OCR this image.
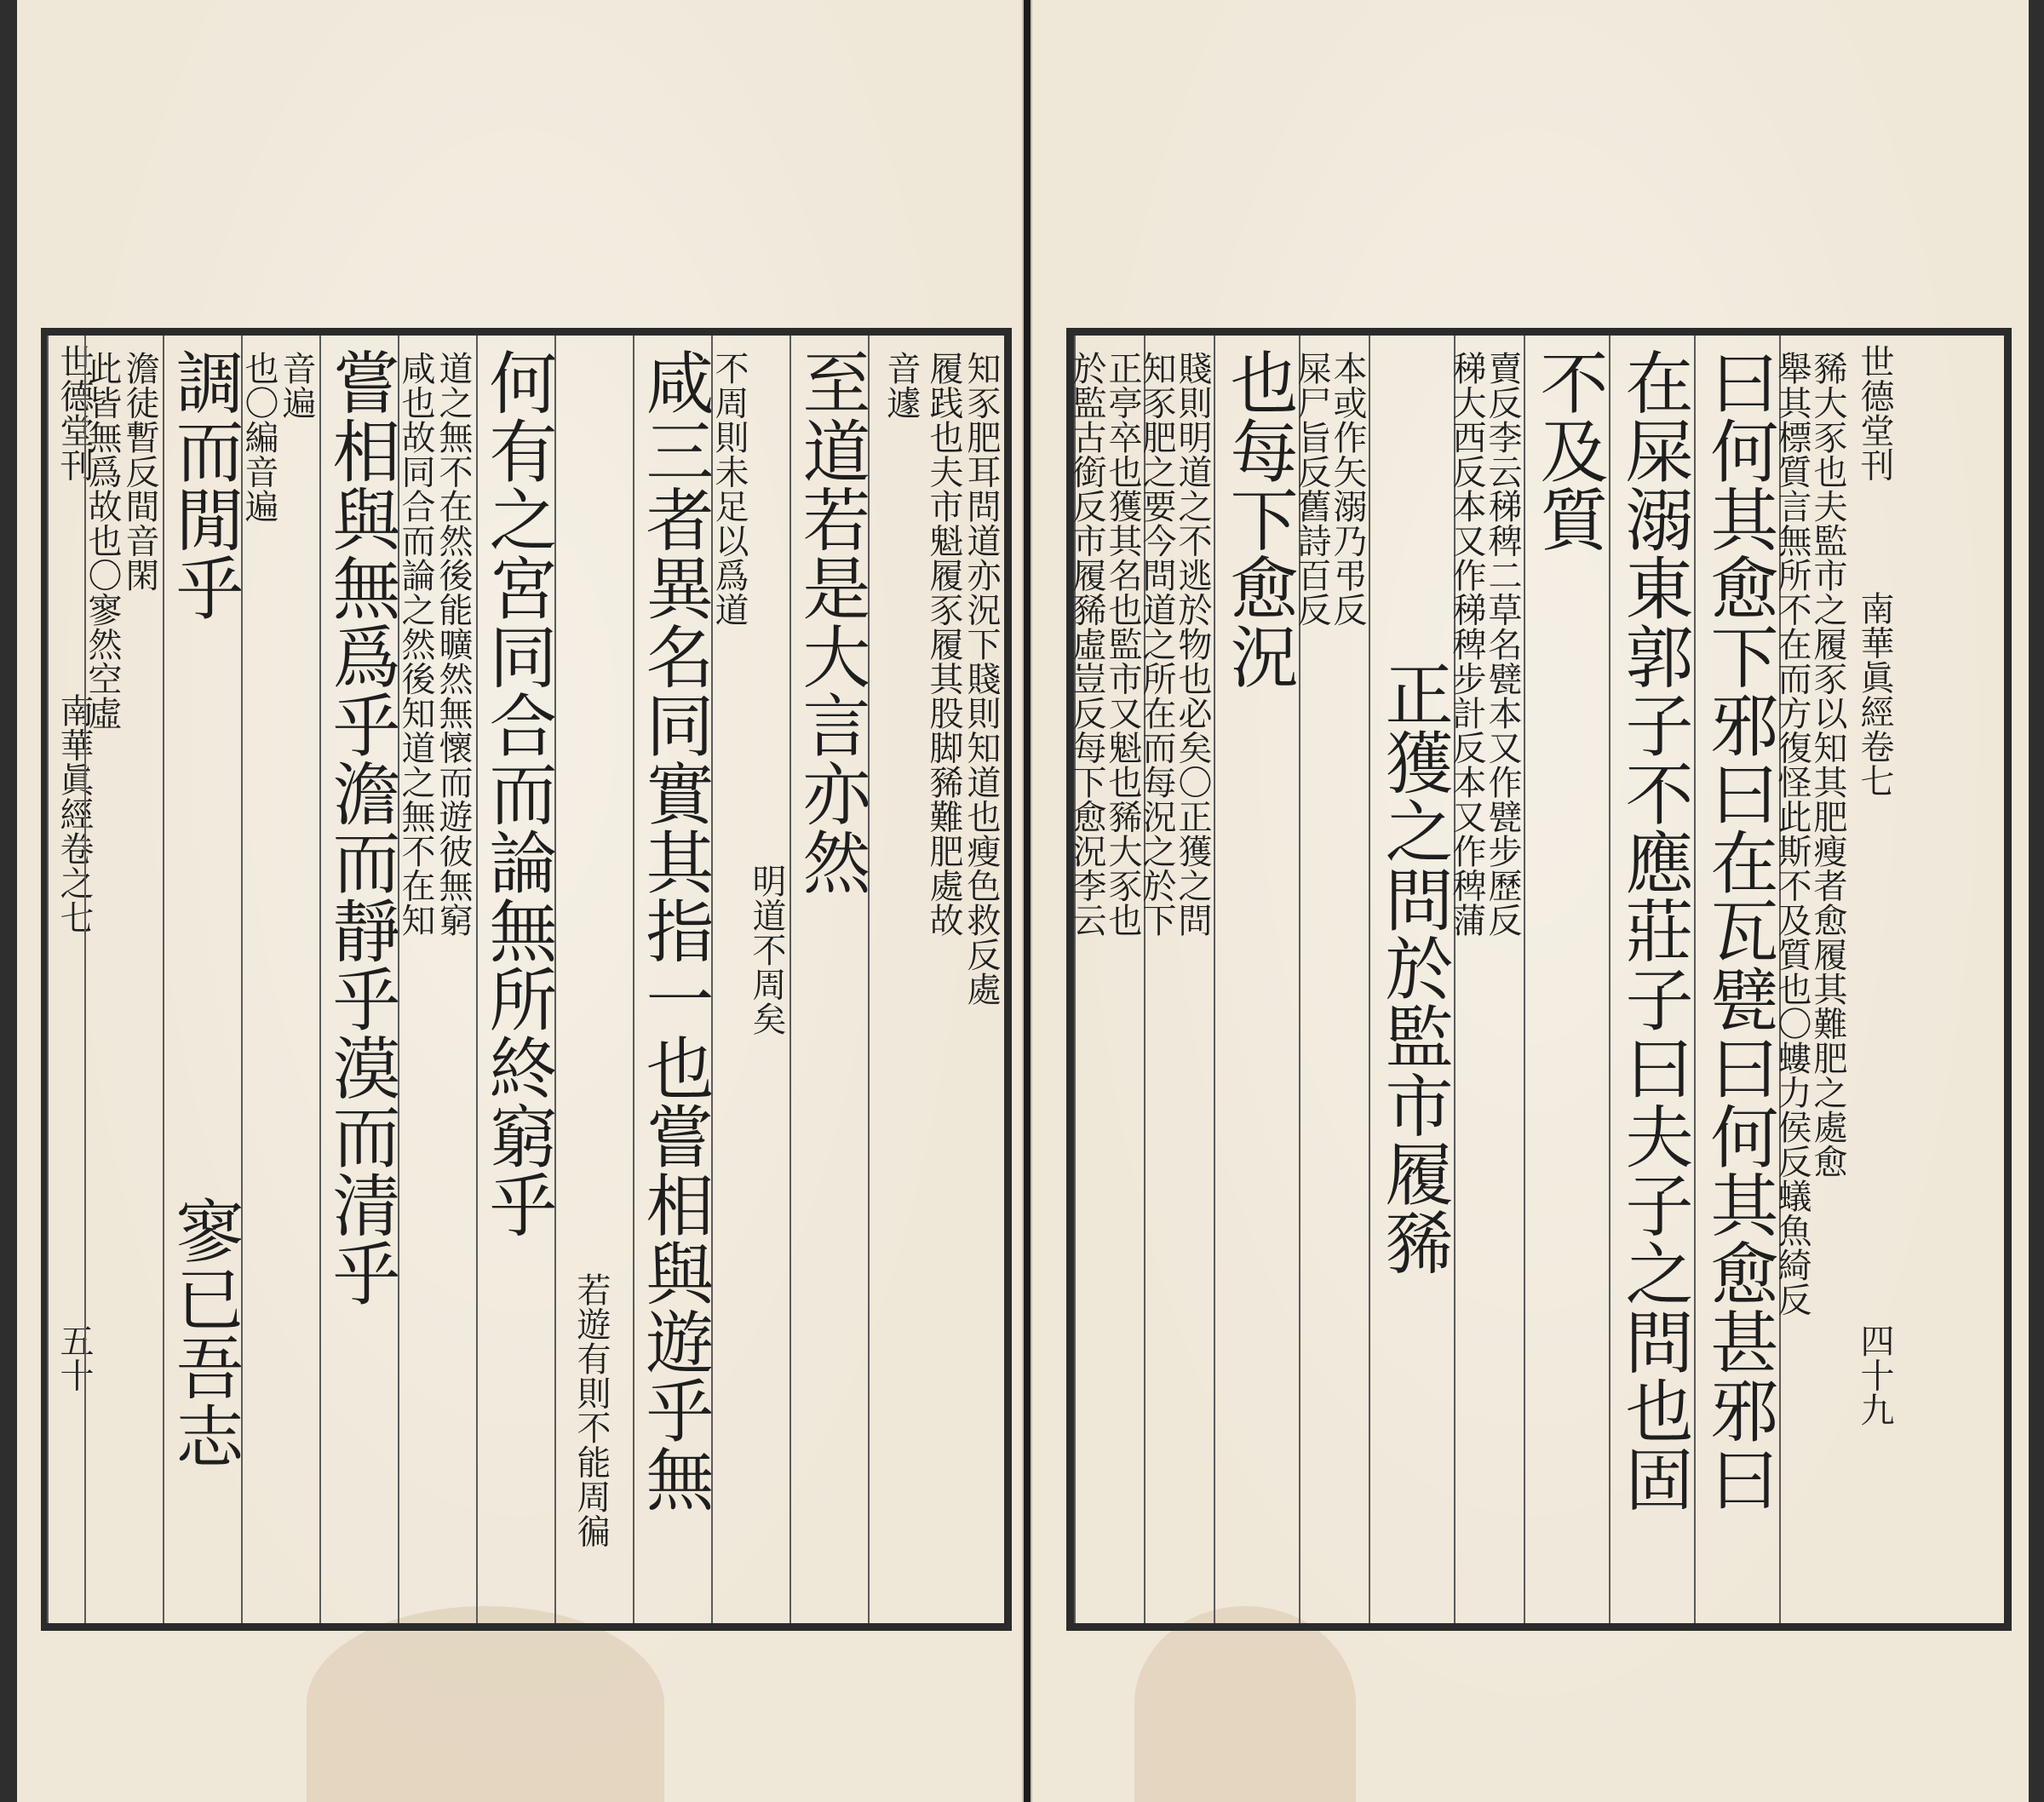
世德堂刊
南華眞經卷之七
五十
此皆無爲故也〇寥然空虛
澹徒暫反間音閑 調而閒乎
寥已吾志
也〇編音遍
音遍 嘗相與無爲乎澹而靜乎漠而清乎
咸也故同合而論之然後知道之無不在知
道之無不在然後能曠然無懷而遊彼無窮 何有之宮同合而論無所終窮乎
若遊有則不能周徧 咸三者異名同實其指一也嘗相與遊乎無
不周則未足以爲道
明道不周矣
至道若是大言亦然 音遽 履践也夫市魁履豕履其股脚豨難肥處故
知豕肥耳問道亦況下賤則知道也瘦色救反處 於監古銜反市履豨虛豈反每下愈況李云
正亭卒也獲其名也監市又魁也豨大豕也
知豕肥之要今問道之所在而每況之於下
賤則明道之不逃於物也必矣〇正獲之問 也每下愈況
屎尸旨反舊詩百反
本或作矢溺乃弔反
正獲之問於監市履豨
稊大西反本又作稊稗步計反本又作稗蒲
賣反李云稊稗二草名甓本又作甓步歷反 不及質 在屎溺東郭子不應莊子曰夫子之問也固 曰何其愈下邪曰在瓦甓曰何其愈甚邪曰
舉其標質言無所不在而方復怪此斯不及質也〇螻力侯反蟻魚綺反
豨大豕也夫監市之履豕以知其肥瘦者愈履其難肥之處愈 世德堂刊
南華眞經卷七
四十九
